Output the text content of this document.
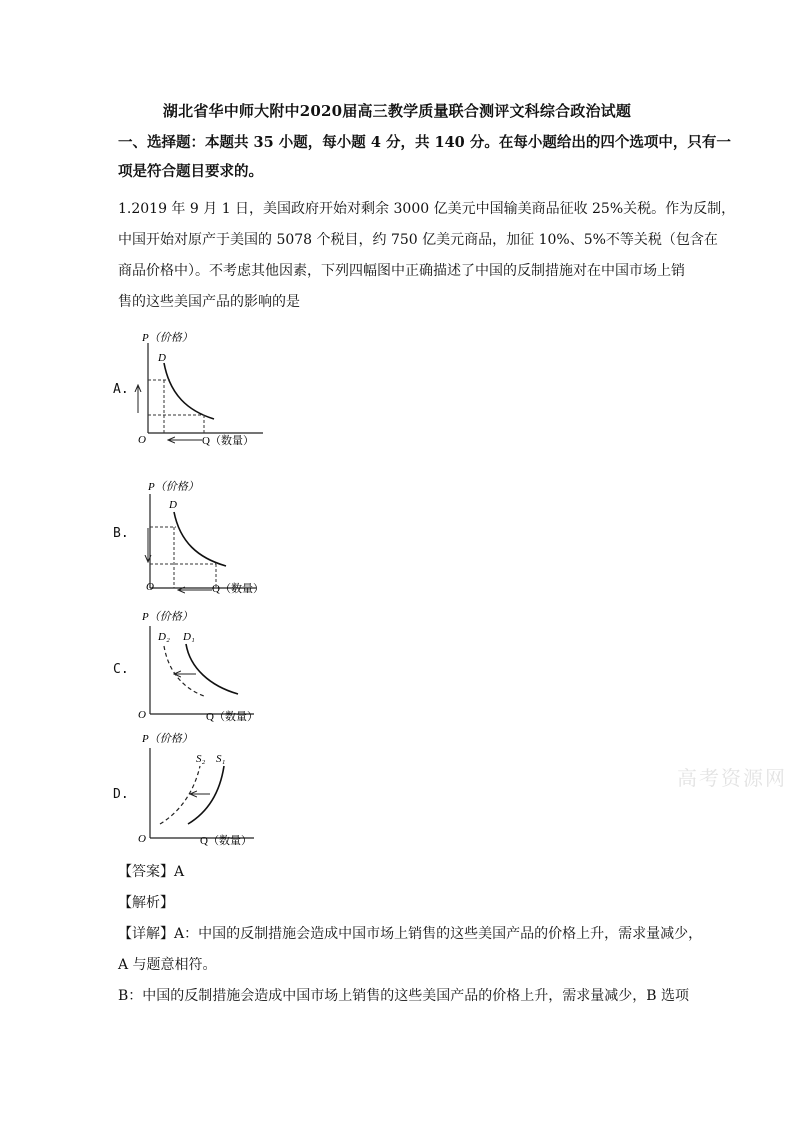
湖北省华中师大附中2020届高三教学质量联合测评文科综合政治试题
一、选择题：本题共 35 小题，每小题 4 分，共 140 分。在每小题给出的四个选项中，只有一
项是符合题目要求的。
1.2019 年 9 月 1 日，美国政府开始对剩余 3000 亿美元中国输美商品征收 25%关税。作为反制，
中国开始对原产于美国的 5078 个税目，约 750 亿美元商品，加征 10%、5%不等关税（包含在
商品价格中）。不考虑其他因素，下列四幅图中正确描述了中国的反制措施对在中国市场上销
售的这些美国产品的影响的是
A.
P（价格）
O	Q（数量）
D
B.
P（价格）
O	Q（数量）
D
C.
P（价格）
O	Q（数量）
D₂ D₁
D.
P（价格）
O	Q（数量）
S₂ S₁
高考资源网
【答案】A
【解析】
【详解】A：中国的反制措施会造成中国市场上销售的这些美国产品的价格上升，需求量减少，
A 与题意相符。
B：中国的反制措施会造成中国市场上销售的这些美国产品的价格上升，需求量减少，B 选项
